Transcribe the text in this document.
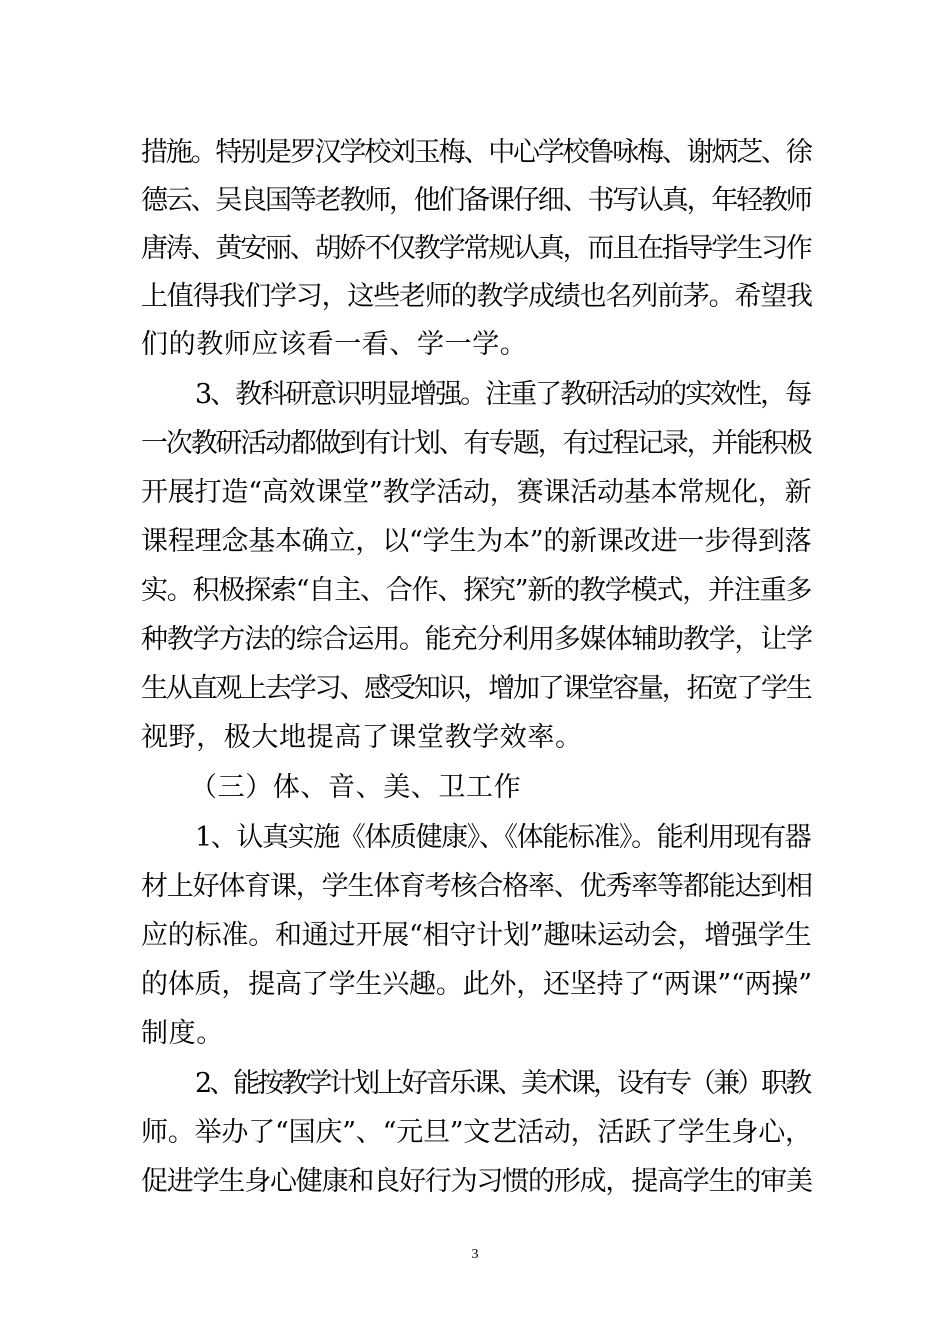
措施。特别是罗汉学校刘玉梅、中心学校鲁咏梅、谢炳芝、徐
德云、吴良国等老教师，他们备课仔细、书写认真，年轻教师
唐涛、黄安丽、胡娇不仅教学常规认真，而且在指导学生习作
上值得我们学习，这些老师的教学成绩也名列前茅。希望我
们的教师应该看一看、学一学。
3、教科研意识明显增强。注重了教研活动的实效性，每
一次教研活动都做到有计划、有专题，有过程记录，并能积极
开展打造“高效课堂”教学活动，赛课活动基本常规化，新
课程理念基本确立，以“学生为本”的新课改进一步得到落
实。积极探索“自主、合作、探究”新的教学模式，并注重多
种教学方法的综合运用。能充分利用多媒体辅助教学，让学
生从直观上去学习、感受知识，增加了课堂容量，拓宽了学生
视野，极大地提高了课堂教学效率。
（三）体、音、美、卫工作
1、认真实施《体质健康》、《体能标准》。能利用现有器
材上好体育课，学生体育考核合格率、优秀率等都能达到相
应的标准。和通过开展“相守计划”趣味运动会，增强学生
的体质，提高了学生兴趣。此外，还坚持了“两课”“两操”
制度。
2、能按教学计划上好音乐课、美术课，设有专（兼）职教
师。举办了“国庆”、“元旦”文艺活动，活跃了学生身心，
促进学生身心健康和良好行为习惯的形成，提高学生的审美
3
